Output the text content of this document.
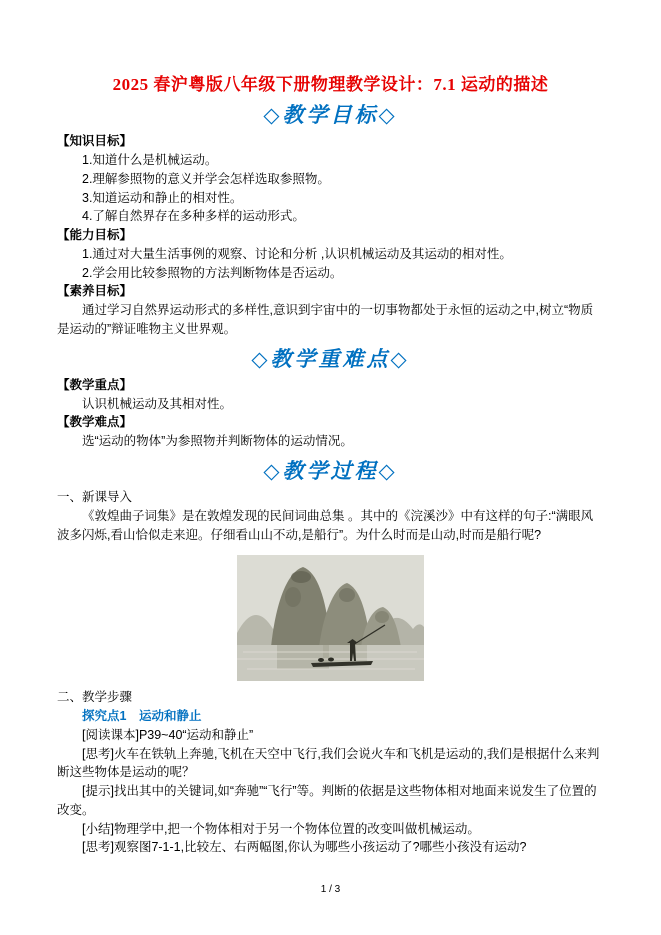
2025 春沪粤版八年级下册物理教学设计：7.1 运动的描述
◇教学目标◇
【知识目标】
1.知道什么是机械运动。
2.理解参照物的意义并学会怎样选取参照物。
3.知道运动和静止的相对性。
4.了解自然界存在多种多样的运动形式。
【能力目标】
1.通过对大量生活事例的观察、讨论和分析 ,认识机械运动及其运动的相对性。
2.学会用比较参照物的方法判断物体是否运动。
【素养目标】
通过学习自然界运动形式的多样性,意识到宇宙中的一切事物都处于永恒的运动之中,树立“物质是运动的”辩证唯物主义世界观。
◇教学重难点◇
【教学重点】
认识机械运动及其相对性。
【教学难点】
选“运动的物体”为参照物并判断物体的运动情况。
◇教学过程◇
一、新课导入
《敦煌曲子词集》是在敦煌发现的民间词曲总集 。其中的《浣溪沙》中有这样的句子:“满眼风波多闪烁,看山恰似走来迎。仔细看山山不动,是船行”。为什么时而是山动,时而是船行呢?
二、教学步骤
探究点1　运动和静止
[阅读课本]P39~40“运动和静止”
[思考]火车在铁轨上奔驰,飞机在天空中飞行,我们会说火车和飞机是运动的,我们是根据什么来判断这些物体是运动的呢？
[提示]找出其中的关键词,如“奔驰”“飞行”等。判断的依据是这些物体相对地面来说发生了位置的改变。
[小结]物理学中,把一个物体相对于另一个物体位置的改变叫做机械运动。
[思考]观察图7-1-1,比较左、右两幅图,你认为哪些小孩运动了?哪些小孩没有运动?
1 / 3
